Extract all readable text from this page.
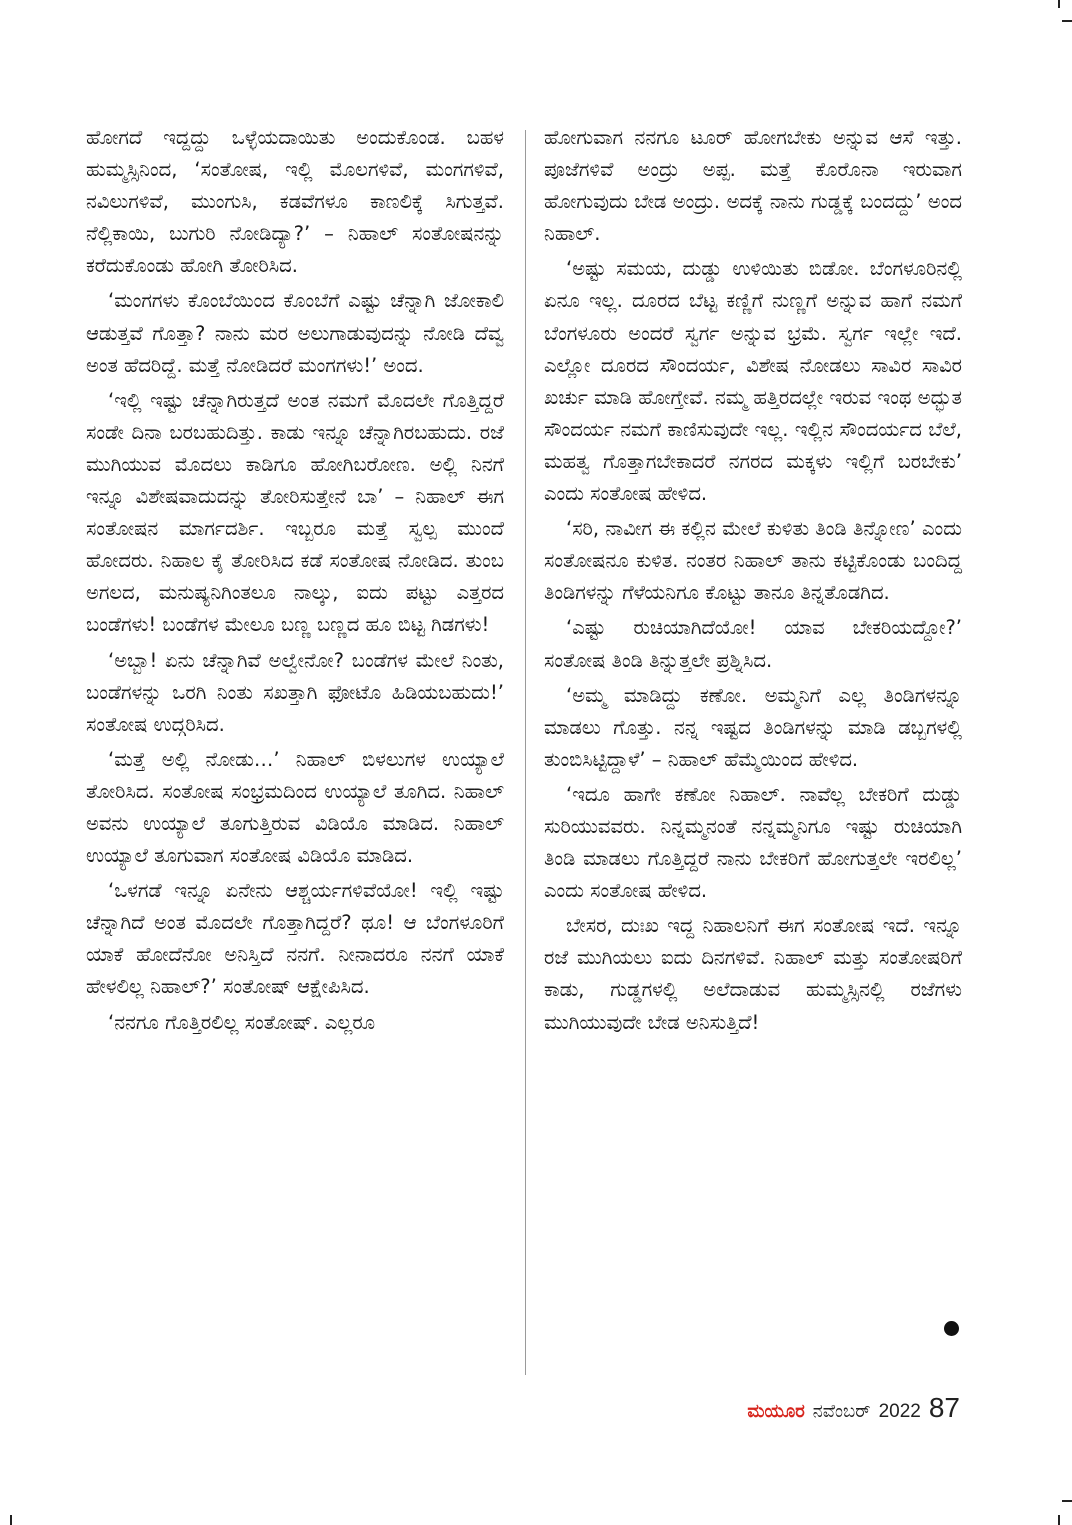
ಹೋಗದೆ ಇದ್ದದ್ದು ಒಳ್ಳೆಯದಾಯಿತು ಅಂದುಕೊಂಡ. ಬಹಳ ಹುಮ್ಮಸ್ಸಿನಿಂದ, ‘ಸಂತೋಷ, ಇಲ್ಲಿ ಮೊಲಗಳಿವೆ, ಮಂಗಗಳಿವೆ, ನವಿಲುಗಳಿವೆ, ಮುಂಗುಸಿ, ಕಡವೆಗಳೂ ಕಾಣಲಿಕ್ಕೆ ಸಿಗುತ್ತವೆ. ನೆಲ್ಲಿಕಾಯಿ, ಬುಗುರಿ ನೋಡಿದ್ಯಾ?’ – ನಿಹಾಲ್ ಸಂತೋಷನನ್ನು ಕರೆದುಕೊಂಡು ಹೋಗಿ ತೋರಿಸಿದ.

‘ಮಂಗಗಳು ಕೊಂಬೆಯಿಂದ ಕೊಂಬೆಗೆ ಎಷ್ಟು ಚೆನ್ನಾಗಿ ಜೋಕಾಲಿ ಆಡುತ್ತವೆ ಗೊತ್ತಾ? ನಾನು ಮರ ಅಲುಗಾಡುವುದನ್ನು ನೋಡಿ ದೆವ್ವ ಅಂತ ಹೆದರಿದ್ದೆ. ಮತ್ತೆ ನೋಡಿದರೆ ಮಂಗಗಳು!’ ಅಂದ.

‘ಇಲ್ಲಿ ಇಷ್ಟು ಚೆನ್ನಾಗಿರುತ್ತದೆ ಅಂತ ನಮಗೆ ಮೊದಲೇ ಗೊತ್ತಿದ್ದರೆ ಸಂಡೇ ದಿನಾ ಬರಬಹುದಿತ್ತು. ಕಾಡು ಇನ್ನೂ ಚೆನ್ನಾಗಿರಬಹುದು. ರಜೆ ಮುಗಿಯುವ ಮೊದಲು ಕಾಡಿಗೂ ಹೋಗಿಬರೋಣ. ಅಲ್ಲಿ ನಿನಗೆ ಇನ್ನೂ ವಿಶೇಷವಾದುದನ್ನು ತೋರಿಸುತ್ತೇನೆ ಬಾ’ – ನಿಹಾಲ್ ಈಗ ಸಂತೋಷನ ಮಾರ್ಗದರ್ಶಿ. ಇಬ್ಬರೂ ಮತ್ತೆ ಸ್ವಲ್ಪ ಮುಂದೆ ಹೋದರು. ನಿಹಾಲ ಕೈ ತೋರಿಸಿದ ಕಡೆ ಸಂತೋಷ ನೋಡಿದ. ತುಂಬ ಅಗಲದ, ಮನುಷ್ಯನಿಗಿಂತಲೂ ನಾಲ್ಕು, ಐದು ಪಟ್ಟು ಎತ್ತರದ ಬಂಡೆಗಳು! ಬಂಡೆಗಳ ಮೇಲೂ ಬಣ್ಣ ಬಣ್ಣದ ಹೂ ಬಿಟ್ಟ ಗಿಡಗಳು!

‘ಅಬ್ಬಾ! ಏನು ಚೆನ್ನಾಗಿವೆ ಅಲ್ವೇನೋ? ಬಂಡೆಗಳ ಮೇಲೆ ನಿಂತು, ಬಂಡೆಗಳನ್ನು ಒರಗಿ ನಿಂತು ಸಖತ್ತಾಗಿ ಫೋಟೊ ಹಿಡಿಯಬಹುದು!’ ಸಂತೋಷ ಉದ್ಗರಿಸಿದ.

‘ಮತ್ತೆ ಅಲ್ಲಿ ನೋಡು…’ ನಿಹಾಲ್ ಬಿಳಲುಗಳ ಉಯ್ಯಾಲೆ ತೋರಿಸಿದ. ಸಂತೋಷ ಸಂಭ್ರಮದಿಂದ ಉಯ್ಯಾಲೆ ತೂಗಿದ. ನಿಹಾಲ್ ಅವನು ಉಯ್ಯಾಲೆ ತೂಗುತ್ತಿರುವ ವಿಡಿಯೊ ಮಾಡಿದ. ನಿಹಾಲ್ ಉಯ್ಯಾಲೆ ತೂಗುವಾಗ ಸಂತೋಷ ವಿಡಿಯೊ ಮಾಡಿದ.

‘ಒಳಗಡೆ ಇನ್ನೂ ಏನೇನು ಆಶ್ಚರ್ಯಗಳಿವೆಯೋ! ಇಲ್ಲಿ ಇಷ್ಟು ಚೆನ್ನಾಗಿದೆ ಅಂತ ಮೊದಲೇ ಗೊತ್ತಾಗಿದ್ದರೆ? ಥೂ! ಆ ಬೆಂಗಳೂರಿಗೆ ಯಾಕೆ ಹೋದೆನೋ ಅನಿಸ್ತಿದೆ ನನಗೆ. ನೀನಾದರೂ ನನಗೆ ಯಾಕೆ ಹೇಳಲಿಲ್ಲ ನಿಹಾಲ್?’ ಸಂತೋಷ್ ಆಕ್ಷೇಪಿಸಿದ.

‘ನನಗೂ ಗೊತ್ತಿರಲಿಲ್ಲ ಸಂತೋಷ್. ಎಲ್ಲರೂ

ಹೋಗುವಾಗ ನನಗೂ ಟೂರ್ ಹೋಗಬೇಕು ಅನ್ನುವ ಆಸೆ ಇತ್ತು. ಪೂಜೆಗಳಿವೆ ಅಂದ್ರು ಅಪ್ಪ. ಮತ್ತೆ ಕೊರೊನಾ ಇರುವಾಗ ಹೋಗುವುದು ಬೇಡ ಅಂದ್ರು. ಅದಕ್ಕೆ ನಾನು ಗುಡ್ಡಕ್ಕೆ ಬಂದದ್ದು’ ಅಂದ ನಿಹಾಲ್.

‘ಅಷ್ಟು ಸಮಯ, ದುಡ್ಡು ಉಳಿಯಿತು ಬಿಡೋ. ಬೆಂಗಳೂರಿನಲ್ಲಿ ಏನೂ ಇಲ್ಲ. ದೂರದ ಬೆಟ್ಟ ಕಣ್ಣಿಗೆ ನುಣ್ಣಗೆ ಅನ್ನುವ ಹಾಗೆ ನಮಗೆ ಬೆಂಗಳೂರು ಅಂದರೆ ಸ್ವರ್ಗ ಅನ್ನುವ ಭ್ರಮೆ. ಸ್ವರ್ಗ ಇಲ್ಲೇ ಇದೆ. ಎಲ್ಲೋ ದೂರದ ಸೌಂದರ್ಯ, ವಿಶೇಷ ನೋಡಲು ಸಾವಿರ ಸಾವಿರ ಖರ್ಚು ಮಾಡಿ ಹೋಗ್ತೇವೆ. ನಮ್ಮ ಹತ್ತಿರದಲ್ಲೇ ಇರುವ ಇಂಥ ಅದ್ಭುತ ಸೌಂದರ್ಯ ನಮಗೆ ಕಾಣಿಸುವುದೇ ಇಲ್ಲ. ಇಲ್ಲಿನ ಸೌಂದರ್ಯದ ಬೆಲೆ, ಮಹತ್ವ ಗೊತ್ತಾಗಬೇಕಾದರೆ ನಗರದ ಮಕ್ಕಳು ಇಲ್ಲಿಗೆ ಬರಬೇಕು’ ಎಂದು ಸಂತೋಷ ಹೇಳಿದ.

‘ಸರಿ, ನಾವೀಗ ಈ ಕಲ್ಲಿನ ಮೇಲೆ ಕುಳಿತು ತಿಂಡಿ ತಿನ್ನೋಣ’ ಎಂದು ಸಂತೋಷನೂ ಕುಳಿತ. ನಂತರ ನಿಹಾಲ್ ತಾನು ಕಟ್ಟಿಕೊಂಡು ಬಂದಿದ್ದ ತಿಂಡಿಗಳನ್ನು ಗೆಳೆಯನಿಗೂ ಕೊಟ್ಟು ತಾನೂ ತಿನ್ನತೊಡಗಿದ.

‘ಎಷ್ಟು ರುಚಿಯಾಗಿದೆಯೋ! ಯಾವ ಬೇಕರಿಯದ್ದೋ?’ ಸಂತೋಷ ತಿಂಡಿ ತಿನ್ನುತ್ತಲೇ ಪ್ರಶ್ನಿಸಿದ.

‘ಅಮ್ಮ ಮಾಡಿದ್ದು ಕಣೋ. ಅಮ್ಮನಿಗೆ ಎಲ್ಲ ತಿಂಡಿಗಳನ್ನೂ ಮಾಡಲು ಗೊತ್ತು. ನನ್ನ ಇಷ್ಟದ ತಿಂಡಿಗಳನ್ನು ಮಾಡಿ ಡಬ್ಬಗಳಲ್ಲಿ ತುಂಬಿಸಿಟ್ಟಿದ್ದಾಳೆ’ – ನಿಹಾಲ್ ಹೆಮ್ಮೆಯಿಂದ ಹೇಳಿದ.

‘ಇದೂ ಹಾಗೇ ಕಣೋ ನಿಹಾಲ್. ನಾವೆಲ್ಲ ಬೇಕರಿಗೆ ದುಡ್ಡು ಸುರಿಯುವವರು. ನಿನ್ನಮ್ಮನಂತೆ ನನ್ನಮ್ಮನಿಗೂ ಇಷ್ಟು ರುಚಿಯಾಗಿ ತಿಂಡಿ ಮಾಡಲು ಗೊತ್ತಿದ್ದರೆ ನಾನು ಬೇಕರಿಗೆ ಹೋಗುತ್ತಲೇ ಇರಲಿಲ್ಲ’ ಎಂದು ಸಂತೋಷ ಹೇಳಿದ.

ಬೇಸರ, ದುಃಖ ಇದ್ದ ನಿಹಾಲನಿಗೆ ಈಗ ಸಂತೋಷ ಇದೆ. ಇನ್ನೂ ರಜೆ ಮುಗಿಯಲು ಐದು ದಿನಗಳಿವೆ. ನಿಹಾಲ್ ಮತ್ತು ಸಂತೋಷರಿಗೆ ಕಾಡು, ಗುಡ್ಡಗಳಲ್ಲಿ ಅಲೆದಾಡುವ ಹುಮ್ಮಸ್ಸಿನಲ್ಲಿ ರಜೆಗಳು ಮುಗಿಯುವುದೇ ಬೇಡ ಅನಿಸುತ್ತಿದೆ!

ಮಯೂರ ನವೆಂಬರ್ 2022 87
